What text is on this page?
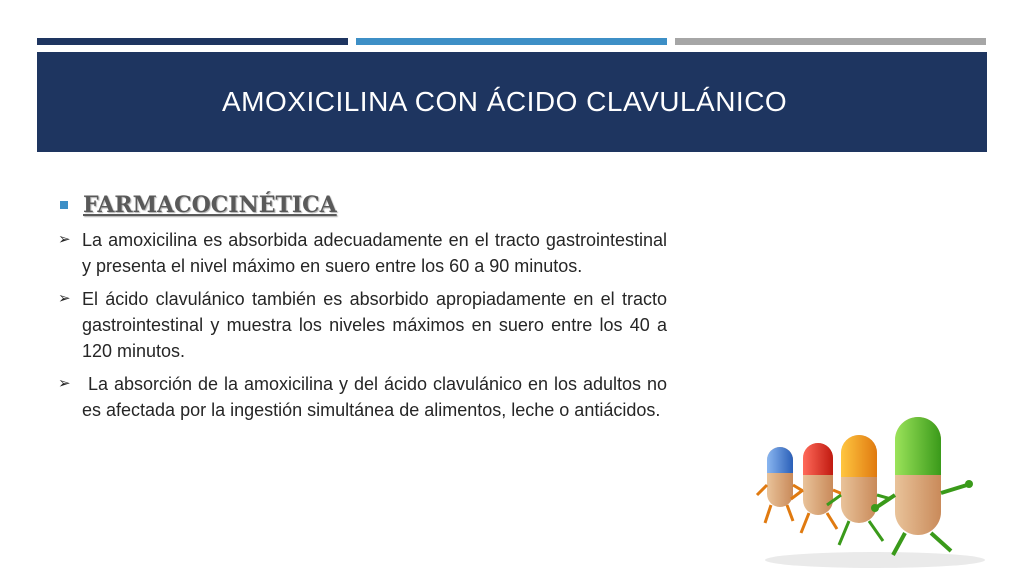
AMOXICILINA CON ÁCIDO CLAVULÁNICO
FARMACOCINÉTICA
➢ La amoxicilina es absorbida adecuadamente en el tracto gastrointestinal y presenta el nivel máximo en suero entre los 60 a 90 minutos.
➢ El ácido clavulánico también es absorbido apropiadamente en el tracto gastrointestinal y muestra los niveles máximos en suero entre los 40 a 120 minutos.
➢ La absorción de la amoxicilina y del ácido clavulánico en los adultos no es afectada por la ingestión simultánea de alimentos, leche o antiácidos.
